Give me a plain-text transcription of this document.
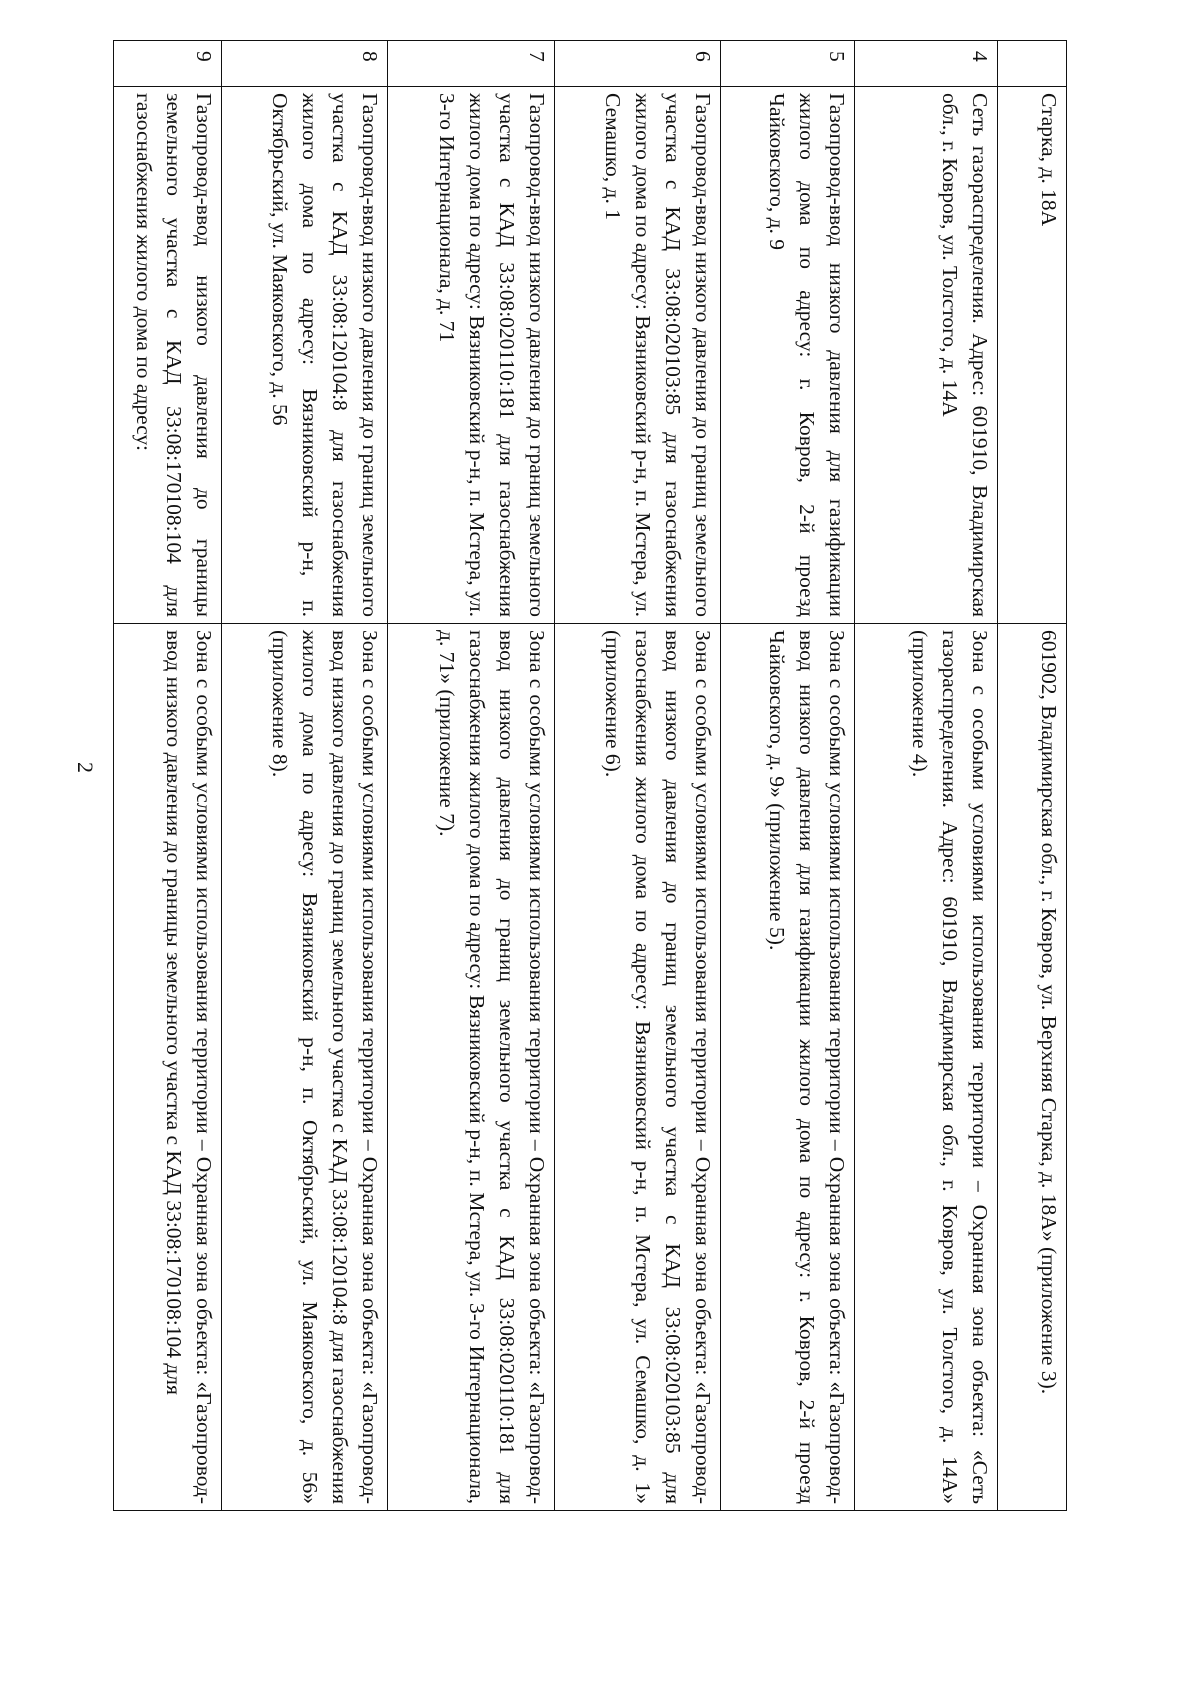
2
	Старка, д. 18А	601902, Владимирская обл., г. Ковров, ул. Верхняя Старка, д. 18А» (приложение 3).
4	Сеть газораспределения. Адрес: 601910, Владимирская обл., г. Ковров, ул. Толстого, д. 14А	Зона с особыми условиями использования территории – Охранная зона объекта: «Сеть газораспределения. Адрес: 601910, Владимирская обл., г. Ковров, ул. Толстого, д. 14А» (приложение 4).
5	Газопровод-ввод низкого давления для газификации жилого дома по адресу: г. Ковров, 2-й проезд Чайковского, д. 9	Зона с особыми условиями использования территории – Охранная зона объекта: «Газопровод-ввод низкого давления для газификации жилого дома по адресу: г. Ковров, 2-й проезд Чайковского, д. 9» (приложение 5).
6	Газопровод-ввод низкого давления до границ земельного участка с КАД 33:08:020103:85 для газоснабжения жилого дома по адресу: Вязниковский р-н, п. Мстера, ул. Семашко, д. 1	Зона с особыми условиями использования территории – Охранная зона объекта: «Газопровод-ввод низкого давления до границ земельного участка с КАД 33:08:020103:85 для газоснабжения жилого дома по адресу: Вязниковский р-н, п. Мстера, ул. Семашко, д. 1» (приложение 6).
7	Газопровод-ввод низкого давления до границ земельного участка с КАД 33:08:020110:181 для газоснабжения жилого дома по адресу: Вязниковский р-н, п. Мстера, ул. 3-го Интернационала, д. 71	Зона с особыми условиями использования территории – Охранная зона объекта: «Газопровод-ввод низкого давления до границ земельного участка с КАД 33:08:020110:181 для газоснабжения жилого дома по адресу: Вязниковский р-н, п. Мстера, ул. 3-го Интернационала, д. 71» (приложение 7).
8	Газопровод-ввод низкого давления до границ земельного участка с КАД 33:08:120104:8 для газоснабжения жилого дома по адресу: Вязниковский р-н, п. Октябрьский, ул. Маяковского, д. 56	Зона с особыми условиями использования территории – Охранная зона объекта: «Газопровод-ввод низкого давления до границ земельного участка с КАД 33:08:120104:8 для газоснабжения жилого дома по адресу: Вязниковский р-н, п. Октябрьский, ул. Маяковского, д. 56» (приложение 8).
9	Газопровод-ввод низкого давления до границы земельного участка с КАД 33:08:170108:104 для газоснабжения жилого дома по адресу:	Зона с особыми условиями использования территории – Охранная зона объекта: «Газопровод-ввод низкого давления до границы земельного участка с КАД 33:08:170108:104 для
